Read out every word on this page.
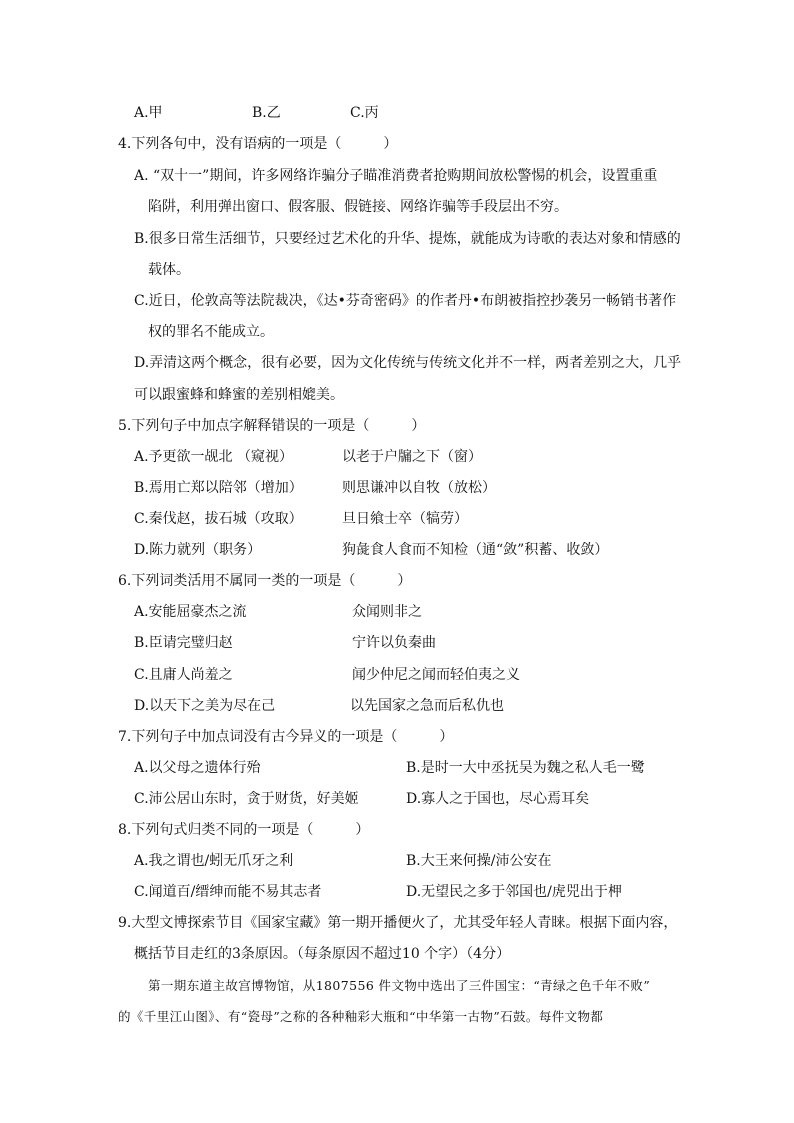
A.甲	B.乙	C.丙
4.下列各句中，没有语病的一项是（　　　）
A. “双十一”期间，许多网络诈骗分子瞄准消费者抢购期间放松警惕的机会，设置重重
陷阱，利用弹出窗口、假客服、假链接、网络诈骗等手段层出不穷。
B.很多日常生活细节，只要经过艺术化的升华、提炼，就能成为诗歌的表达对象和情感的
载体。
C.近日，伦敦高等法院裁决，《达•芬奇密码》的作者丹•布朗被指控抄袭另一畅销书著作
权的罪名不能成立。
D.弄清这两个概念，很有必要，因为文化传统与传统文化并不一样，两者差别之大，几乎
可以跟蜜蜂和蜂蜜的差别相媲美。
5.下列句子中加点字解释错误的一项是（　　　）
A.予更欲一觇北 （窥视）	以老于户牖之下（窗）
B.焉用亡郑以陪邻（增加）	则思谦冲以自牧（放松）
C.秦伐赵，拔石城（攻取）	旦日飨士卒（犒劳）
D.陈力就列（职务）	狗彘食人食而不知检（通“敛”积蓄、收敛）
6.下列词类活用不属同一类的一项是（　　　）
A.安能屈豪杰之流	众闻则非之
B.臣请完璧归赵	宁许以负秦曲
C.且庸人尚羞之	闻少仲尼之闻而轻伯夷之义
D.以天下之美为尽在己	以先国家之急而后私仇也
7.下列句子中加点词没有古今异义的一项是（　　　）
A.以父母之遗体行殆	B.是时一大中丞抚吴为魏之私人毛一鹭
C.沛公居山东时，贪于财货，好美姬	D.寡人之于国也，尽心焉耳矣
8.下列句式归类不同的一项是（　　　）
A.我之谓也/蚓无爪牙之利	B.大王来何操/沛公安在
C.闻道百/缙绅而能不易其志者	D.无望民之多于邻国也/虎兕出于柙
9.大型文博探索节目《国家宝藏》第一期开播便火了，尤其受年轻人青睐。根据下面内容，
概括节目走红的3条原因。（每条原因不超过10 个字）（4分）
第一期东道主故宫博物馆，从1807556 件文物中选出了三件国宝：“青绿之色千年不败”
的《千里江山图》、有“瓷母”之称的各种釉彩大瓶和“中华第一古物”石鼓。每件文物都
